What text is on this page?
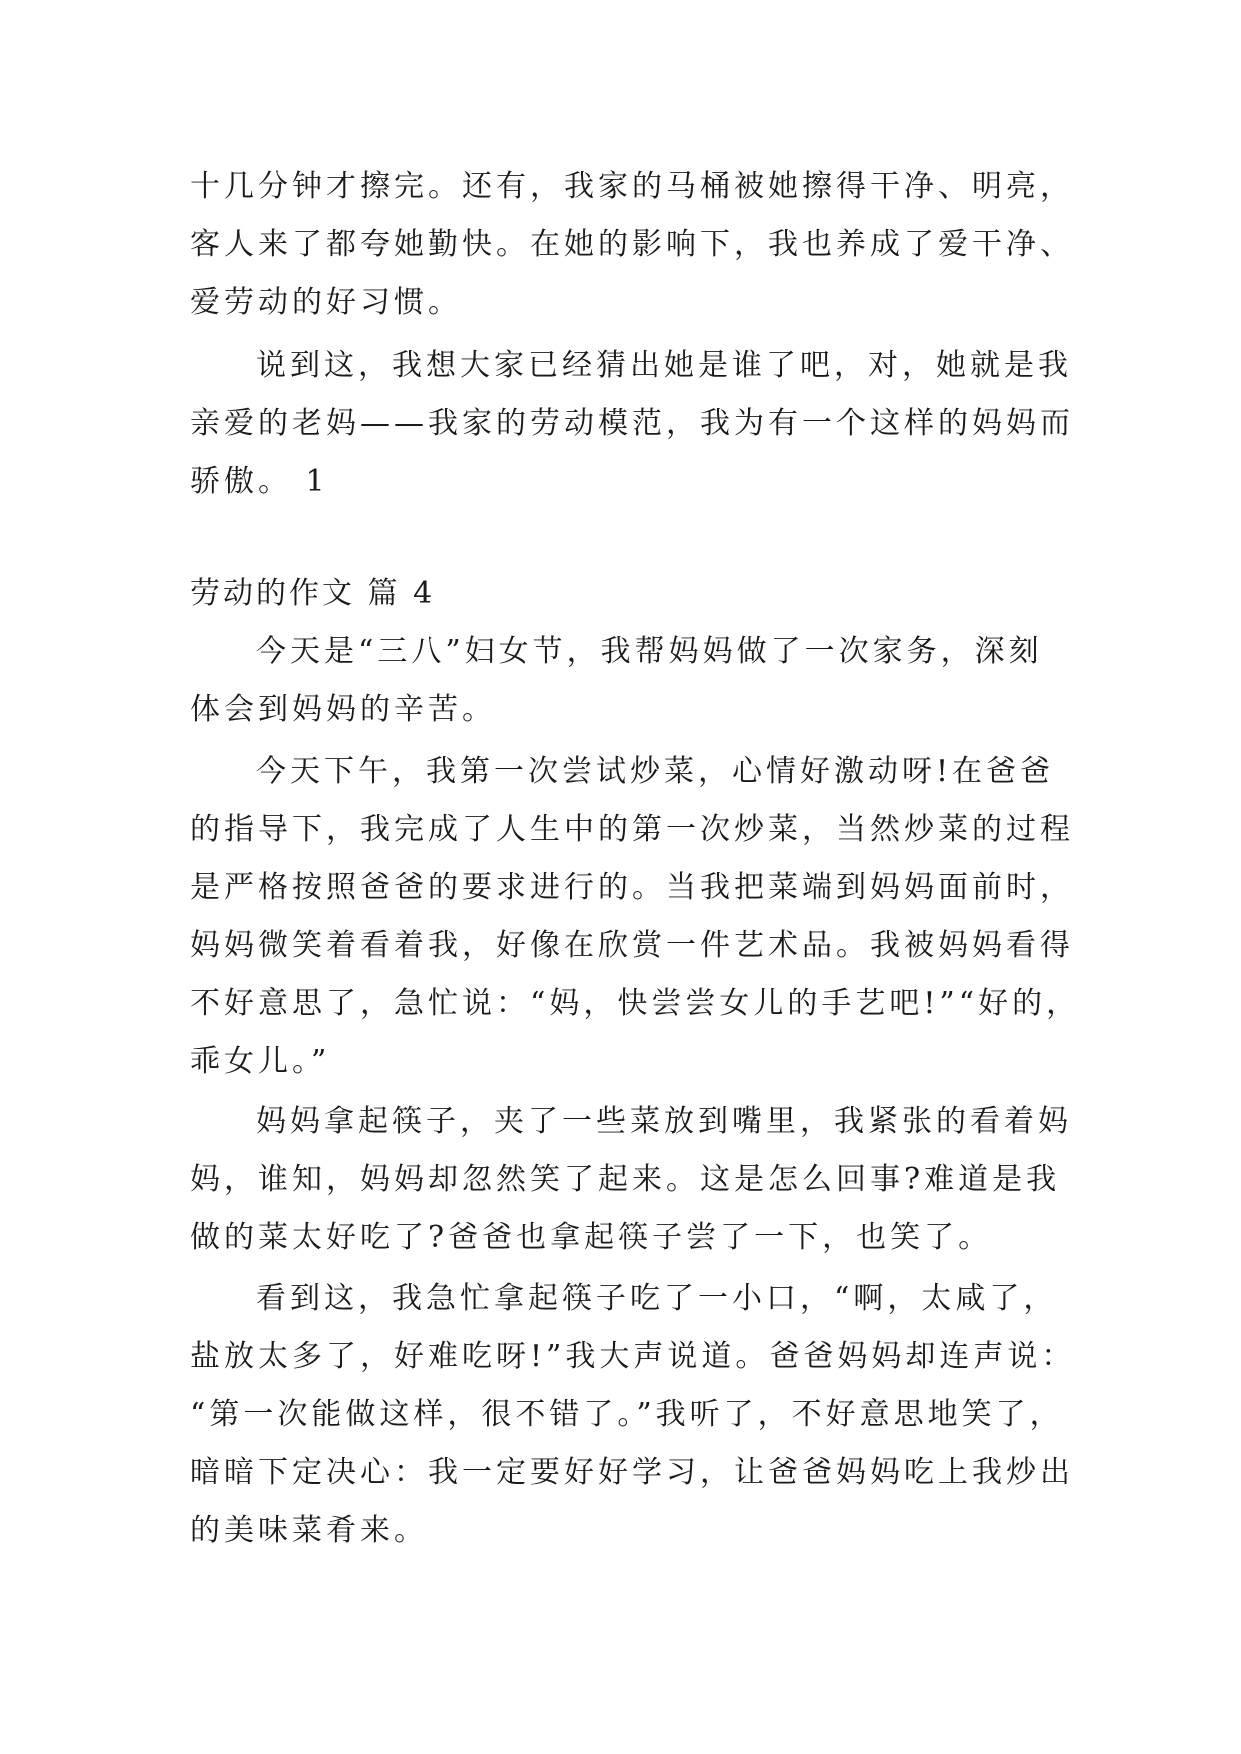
十几分钟才擦完。还有，我家的马桶被她擦得干净、明亮，
客人来了都夸她勤快。在她的影响下，我也养成了爱干净、
爱劳动的好习惯。
说到这，我想大家已经猜出她是谁了吧，对，她就是我
亲爱的老妈——我家的劳动模范，我为有一个这样的妈妈而
骄傲。 1
劳动的作文 篇 4
今天是“三八”妇女节，我帮妈妈做了一次家务，深刻
体会到妈妈的辛苦。
今天下午，我第一次尝试炒菜，心情好激动呀!在爸爸
的指导下，我完成了人生中的第一次炒菜，当然炒菜的过程
是严格按照爸爸的要求进行的。当我把菜端到妈妈面前时，
妈妈微笑着看着我，好像在欣赏一件艺术品。我被妈妈看得
不好意思了，急忙说：“妈，快尝尝女儿的手艺吧!”“好的，
乖女儿。”
妈妈拿起筷子，夹了一些菜放到嘴里，我紧张的看着妈
妈，谁知，妈妈却忽然笑了起来。这是怎么回事?难道是我
做的菜太好吃了?爸爸也拿起筷子尝了一下，也笑了。
看到这，我急忙拿起筷子吃了一小口，“啊，太咸了，
盐放太多了，好难吃呀!”我大声说道。爸爸妈妈却连声说：
“第一次能做这样，很不错了。”我听了，不好意思地笑了，
暗暗下定决心：我一定要好好学习，让爸爸妈妈吃上我炒出
的美味菜肴来。
